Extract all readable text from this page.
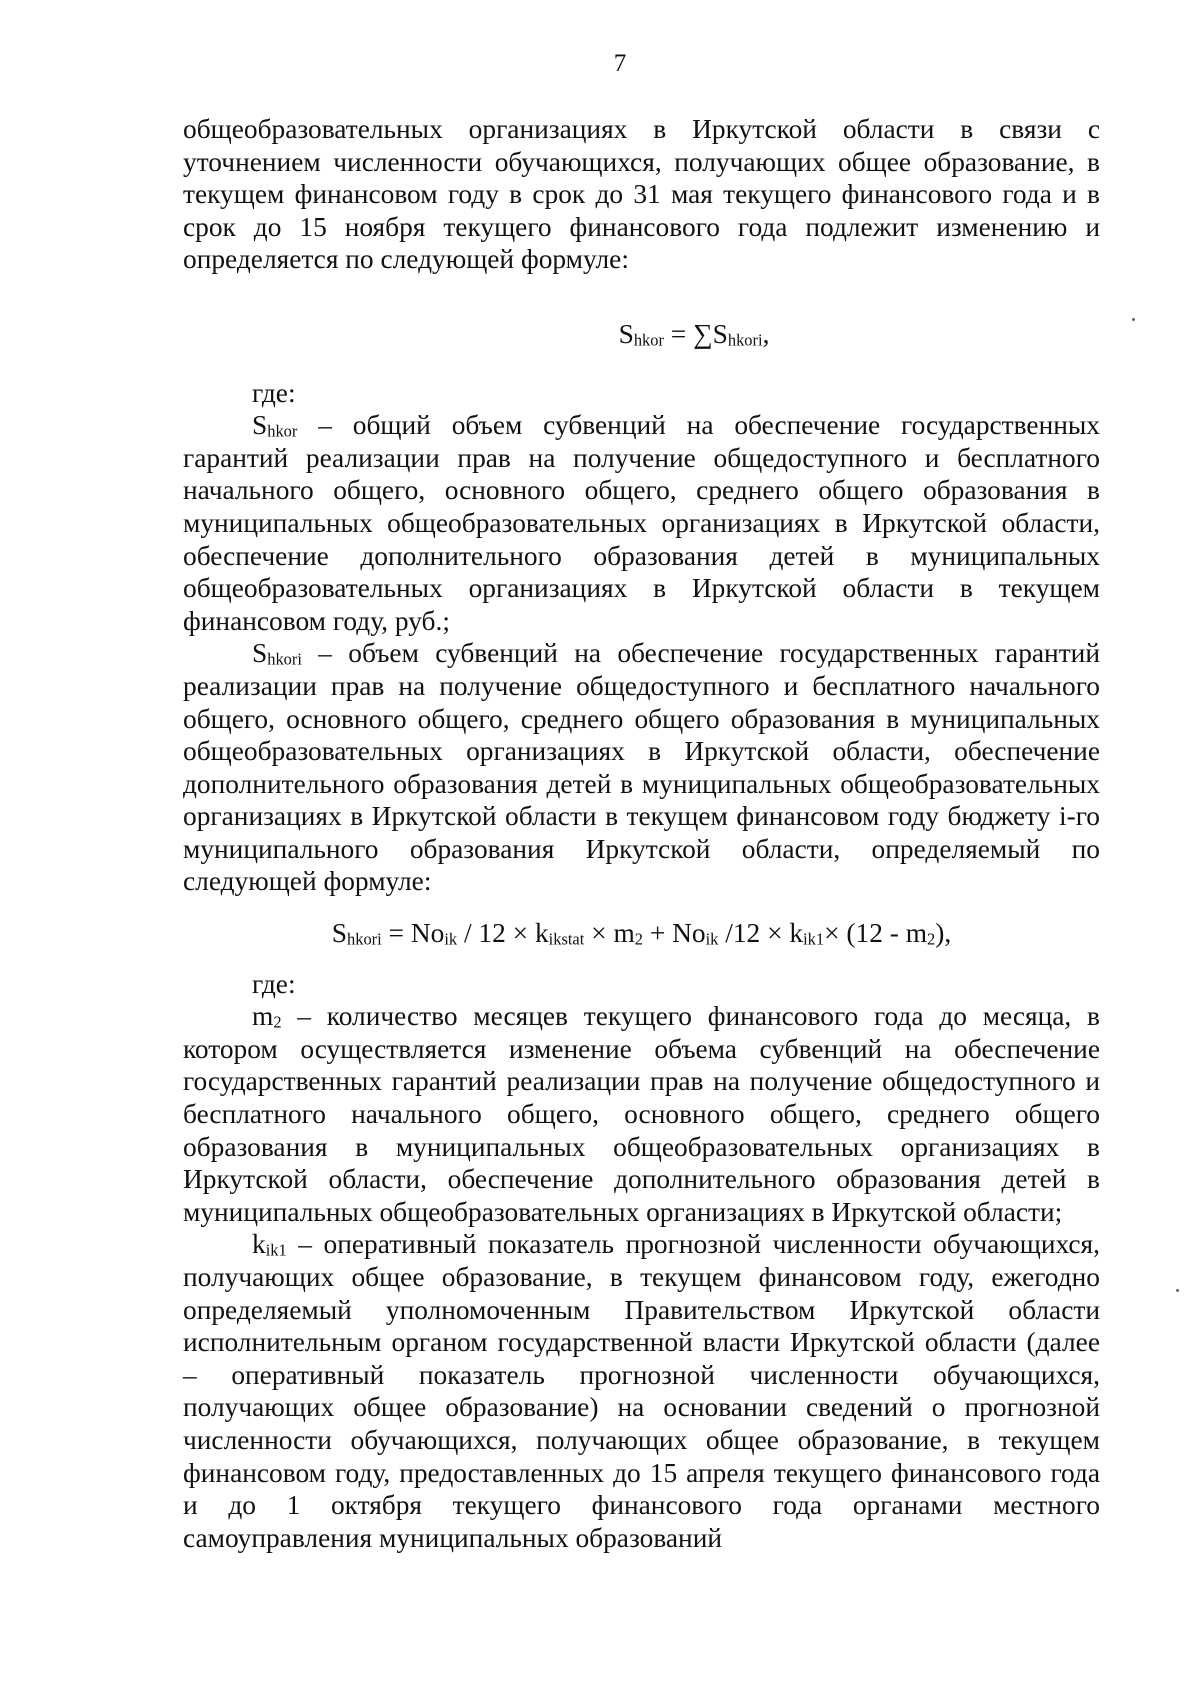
7

общеобразовательных организациях в Иркутской области в связи с уточнением численности обучающихся, получающих общее образование, в текущем финансовом году в срок до 31 мая текущего финансового года и в срок до 15 ноября текущего финансового года подлежит изменению и определяется по следующей формуле:

$S_{hkor} = \sum S_{hkori}$,

где:

$S_{hkor}$ – общий объем субвенций на обеспечение государственных гарантий реализации прав на получение общедоступного и бесплатного начального общего, основного общего, среднего общего образования в муниципальных общеобразовательных организациях в Иркутской области, обеспечение дополнительного образования детей в муниципальных общеобразовательных организациях в Иркутской области в текущем финансовом году, руб.;

$S_{hkori}$ – объем субвенций на обеспечение государственных гарантий реализации прав на получение общедоступного и бесплатного начального общего, основного общего, среднего общего образования в муниципальных общеобразовательных организациях в Иркутской области, обеспечение дополнительного образования детей в муниципальных общеобразовательных организациях в Иркутской области в текущем финансовом году бюджету i-го муниципального образования Иркутской области, определяемый по следующей формуле:

$S_{hkori} = No_{ik} / 12 \times k_{ikstat} \times m_2 + No_{ik}$ $/12 \times k_{ik1}\times (12 - m_2)$,

где:

$m_2$ – количество месяцев текущего финансового года до месяца, в котором осуществляется изменение объема субвенций на обеспечение государственных гарантий реализации прав на получение общедоступного и бесплатного начального общего, основного общего, среднего общего образования в муниципальных общеобразовательных организациях в Иркутской области, обеспечение дополнительного образования детей в муниципальных общеобразовательных организациях в Иркутской области;

$k_{ik1}$ – оперативный показатель прогнозной численности обучающихся, получающих общее образование, в текущем финансовом году, ежегодно определяемый уполномоченным Правительством Иркутской области исполнительным органом государственной власти Иркутской области (далее – оперативный показатель прогнозной численности обучающихся, получающих общее образование) на основании сведений о прогнозной численности обучающихся, получающих общее образование, в текущем финансовом году, предоставленных до 15 апреля текущего финансового года и до 1 октября текущего финансового года органами местного самоуправления муниципальных образований
